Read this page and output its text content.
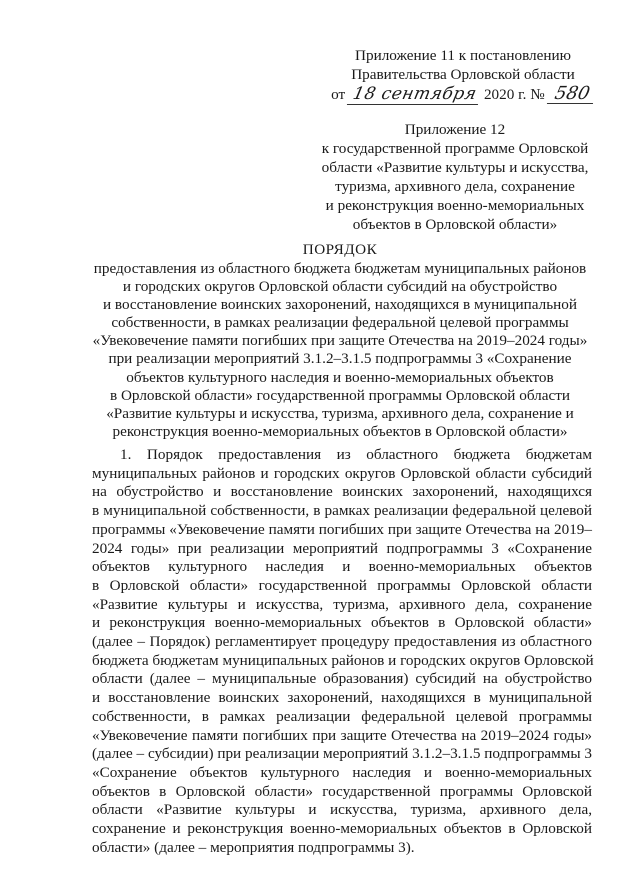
Приложение 11 к постановлению
Правительства Орловской области
от 18 сентября 2020 г. № 580
Приложение 12
к государственной программе Орловской
области «Развитие культуры и искусства,
туризма, архивного дела, сохранение
и реконструкция военно-мемориальных
объектов в Орловской области»
ПОРЯДОК
предоставления из областного бюджета бюджетам муниципальных районов
и городских округов Орловской области субсидий на обустройство
и восстановление воинских захоронений, находящихся в муниципальной
собственности, в рамках реализации федеральной целевой программы
«Увековечение памяти погибших при защите Отечества на 2019–2024 годы»
при реализации мероприятий 3.1.2–3.1.5 подпрограммы 3 «Сохранение
объектов культурного наследия и военно-мемориальных объектов
в Орловской области» государственной программы Орловской области
«Развитие культуры и искусства, туризма, архивного дела, сохранение и
реконструкция военно-мемориальных объектов в Орловской области»
1. Порядок предоставления из областного бюджета бюджетам
муниципальных районов и городских округов Орловской области субсидий
на обустройство и восстановление воинских захоронений, находящихся
в муниципальной собственности, в рамках реализации федеральной целевой
программы «Увековечение памяти погибших при защите Отечества на 2019–
2024 годы» при реализации мероприятий подпрограммы 3 «Сохранение
объектов культурного наследия и военно-мемориальных объектов
в Орловской области» государственной программы Орловской области
«Развитие культуры и искусства, туризма, архивного дела, сохранение
и реконструкция военно-мемориальных объектов в Орловской области»
(далее – Порядок) регламентирует процедуру предоставления из областного
бюджета бюджетам муниципальных районов и городских округов Орловской
области (далее – муниципальные образования) субсидий на обустройство
и восстановление воинских захоронений, находящихся в муниципальной
собственности, в рамках реализации федеральной целевой программы
«Увековечение памяти погибших при защите Отечества на 2019–2024 годы»
(далее – субсидии) при реализации мероприятий 3.1.2–3.1.5 подпрограммы 3
«Сохранение объектов культурного наследия и военно-мемориальных
объектов в Орловской области» государственной программы Орловской
области «Развитие культуры и искусства, туризма, архивного дела,
сохранение и реконструкция военно-мемориальных объектов в Орловской
области» (далее – мероприятия подпрограммы 3).
